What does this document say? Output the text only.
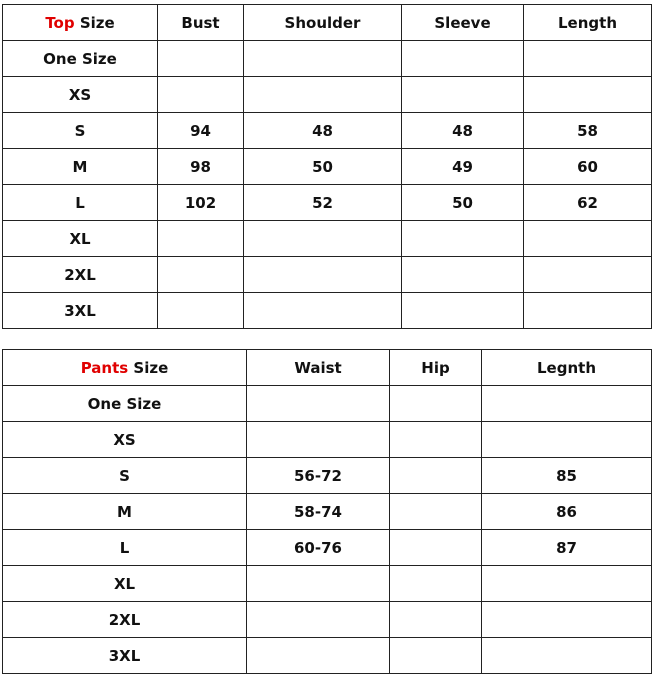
Top Size	Bust	Shoulder	Sleeve	Length
One Size				
XS				
S	94	48	48	58
M	98	50	49	60
L	102	52	50	62
XL				
2XL				
3XL				
Pants Size	Waist	Hip	Legnth
One Size			
XS			
S	56-72		85
M	58-74		86
L	60-76		87
XL			
2XL			
3XL			
